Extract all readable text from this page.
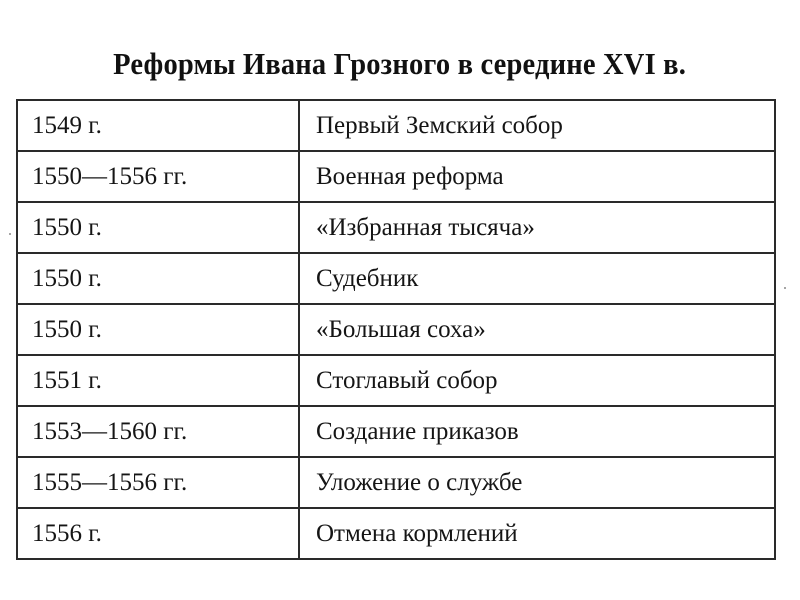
Реформы Ивана Грозного в середине XVI в.
1549 г.	Первый Земский собор
1550—1556 гг.	Военная реформа
1550 г.	«Избранная тысяча»
1550 г.	Судебник
1550 г.	«Большая соха»
1551 г.	Стоглавый собор
1553—1560 гг.	Создание приказов
1555—1556 гг.	Уложение о службе
1556 г.	Отмена кормлений
